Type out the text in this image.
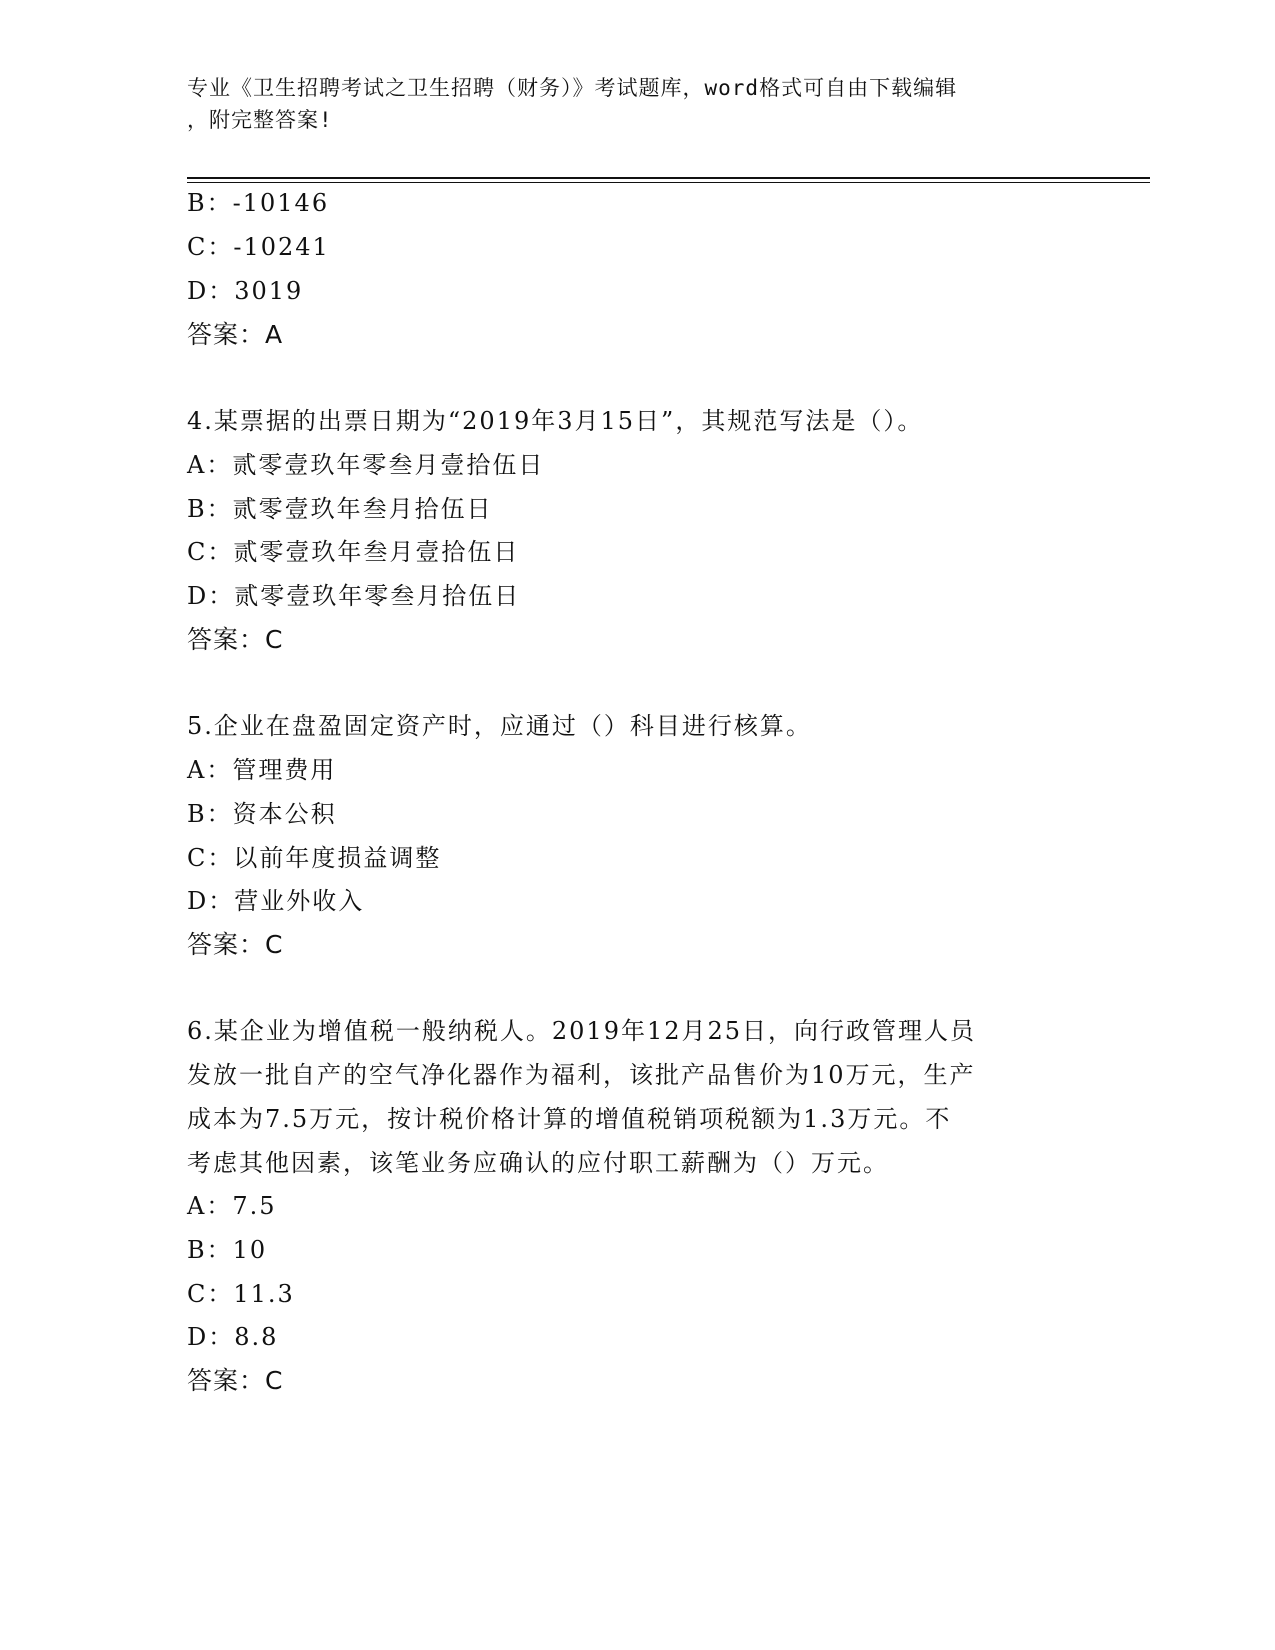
专业《卫生招聘考试之卫生招聘（财务）》考试题库，word格式可自由下载编辑
，附完整答案!
B：-10146
C：-10241
D：3019
答案：A
4.某票据的出票日期为“2019年3月15日”，其规范写法是（）。
A：贰零壹玖年零叁月壹拾伍日
B：贰零壹玖年叁月拾伍日
C：贰零壹玖年叁月壹拾伍日
D：贰零壹玖年零叁月拾伍日
答案：C
5.企业在盘盈固定资产时，应通过（）科目进行核算。
A：管理费用
B：资本公积
C：以前年度损益调整
D：营业外收入
答案：C
6.某企业为增值税一般纳税人。2019年12月25日，向行政管理人员
发放一批自产的空气净化器作为福利，该批产品售价为10万元，生产
成本为7.5万元，按计税价格计算的增值税销项税额为1.3万元。不
考虑其他因素，该笔业务应确认的应付职工薪酬为（）万元。
A：7.5
B：10
C：11.3
D：8.8
答案：C
